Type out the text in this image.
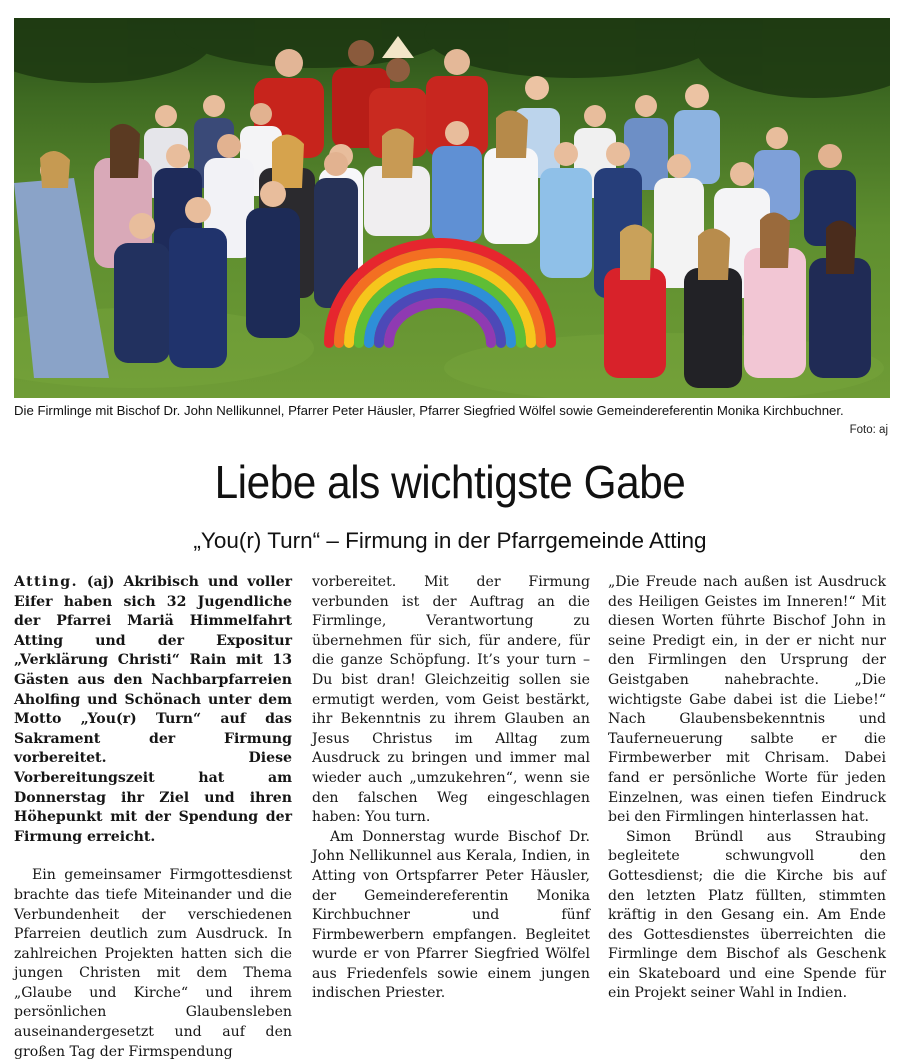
Die Firmlinge mit Bischof Dr. John Nellikunnel, Pfarrer Peter Häusler, Pfarrer Siegfried Wölfel sowie Gemeindereferentin Monika Kirchbuchner.
Foto: aj
Liebe als wichtigste Gabe
„You(r) Turn“ – Firmung in der Pfarrgemeinde Atting

Atting. (aj) Akribisch und voller Eifer haben sich 32 Jugendliche der Pfarrei Mariä Himmelfahrt Atting und der Expositur „Verklärung Christi“ Rain mit 13 Gästen aus den Nachbarpfarreien Aholfing und Schönach unter dem Motto „You(r) Turn“ auf das Sakrament der Firmung vorbereitet. Diese Vorbereitungszeit hat am Donnerstag ihr Ziel und ihren Höhepunkt mit der Spendung der Firmung erreicht.

Ein gemeinsamer Firmgottesdienst brachte das tiefe Miteinander und die Verbundenheit der verschiedenen Pfarreien deutlich zum Ausdruck. In zahlreichen Projekten hatten sich die jungen Christen mit dem Thema „Glaube und Kirche“ und ihrem persönlichen Glaubensleben auseinandergesetzt und auf den großen Tag der Firmspendung

vorbereitet. Mit der Firmung verbunden ist der Auftrag an die Firmlinge, Verantwortung zu übernehmen für sich, für andere, für die ganze Schöpfung. It’s your turn – Du bist dran! Gleichzeitig sollen sie ermutigt werden, vom Geist bestärkt, ihr Bekenntnis zu ihrem Glauben an Jesus Christus im Alltag zum Ausdruck zu bringen und immer mal wieder auch „umzukehren“, wenn sie den falschen Weg eingeschlagen haben: You turn.

Am Donnerstag wurde Bischof Dr. John Nellikunnel aus Kerala, Indien, in Atting von Ortspfarrer Peter Häusler, der Gemeindereferentin Monika Kirchbuchner und fünf Firmbewerbern empfangen. Begleitet wurde er von Pfarrer Siegfried Wölfel aus Friedenfels sowie einem jungen indischen Priester.

„Die Freude nach außen ist Ausdruck des Heiligen Geistes im Inneren!“ Mit diesen Worten führte Bischof John in seine Predigt ein, in der er nicht nur den Firmlingen den Ursprung der Geistgaben nahebrachte. „Die wichtigste Gabe dabei ist die Liebe!“ Nach Glaubensbekenntnis und Tauferneuerung salbte er die Firmbewerber mit Chrisam. Dabei fand er persönliche Worte für jeden Einzelnen, was einen tiefen Eindruck bei den Firmlingen hinterlassen hat.

Simon Bründl aus Straubing begleitete schwungvoll den Gottesdienst; die die Kirche bis auf den letzten Platz füllten, stimmten kräftig in den Gesang ein. Am Ende des Gottesdienstes überreichten die Firmlinge dem Bischof als Geschenk ein Skateboard und eine Spende für ein Projekt seiner Wahl in Indien.
